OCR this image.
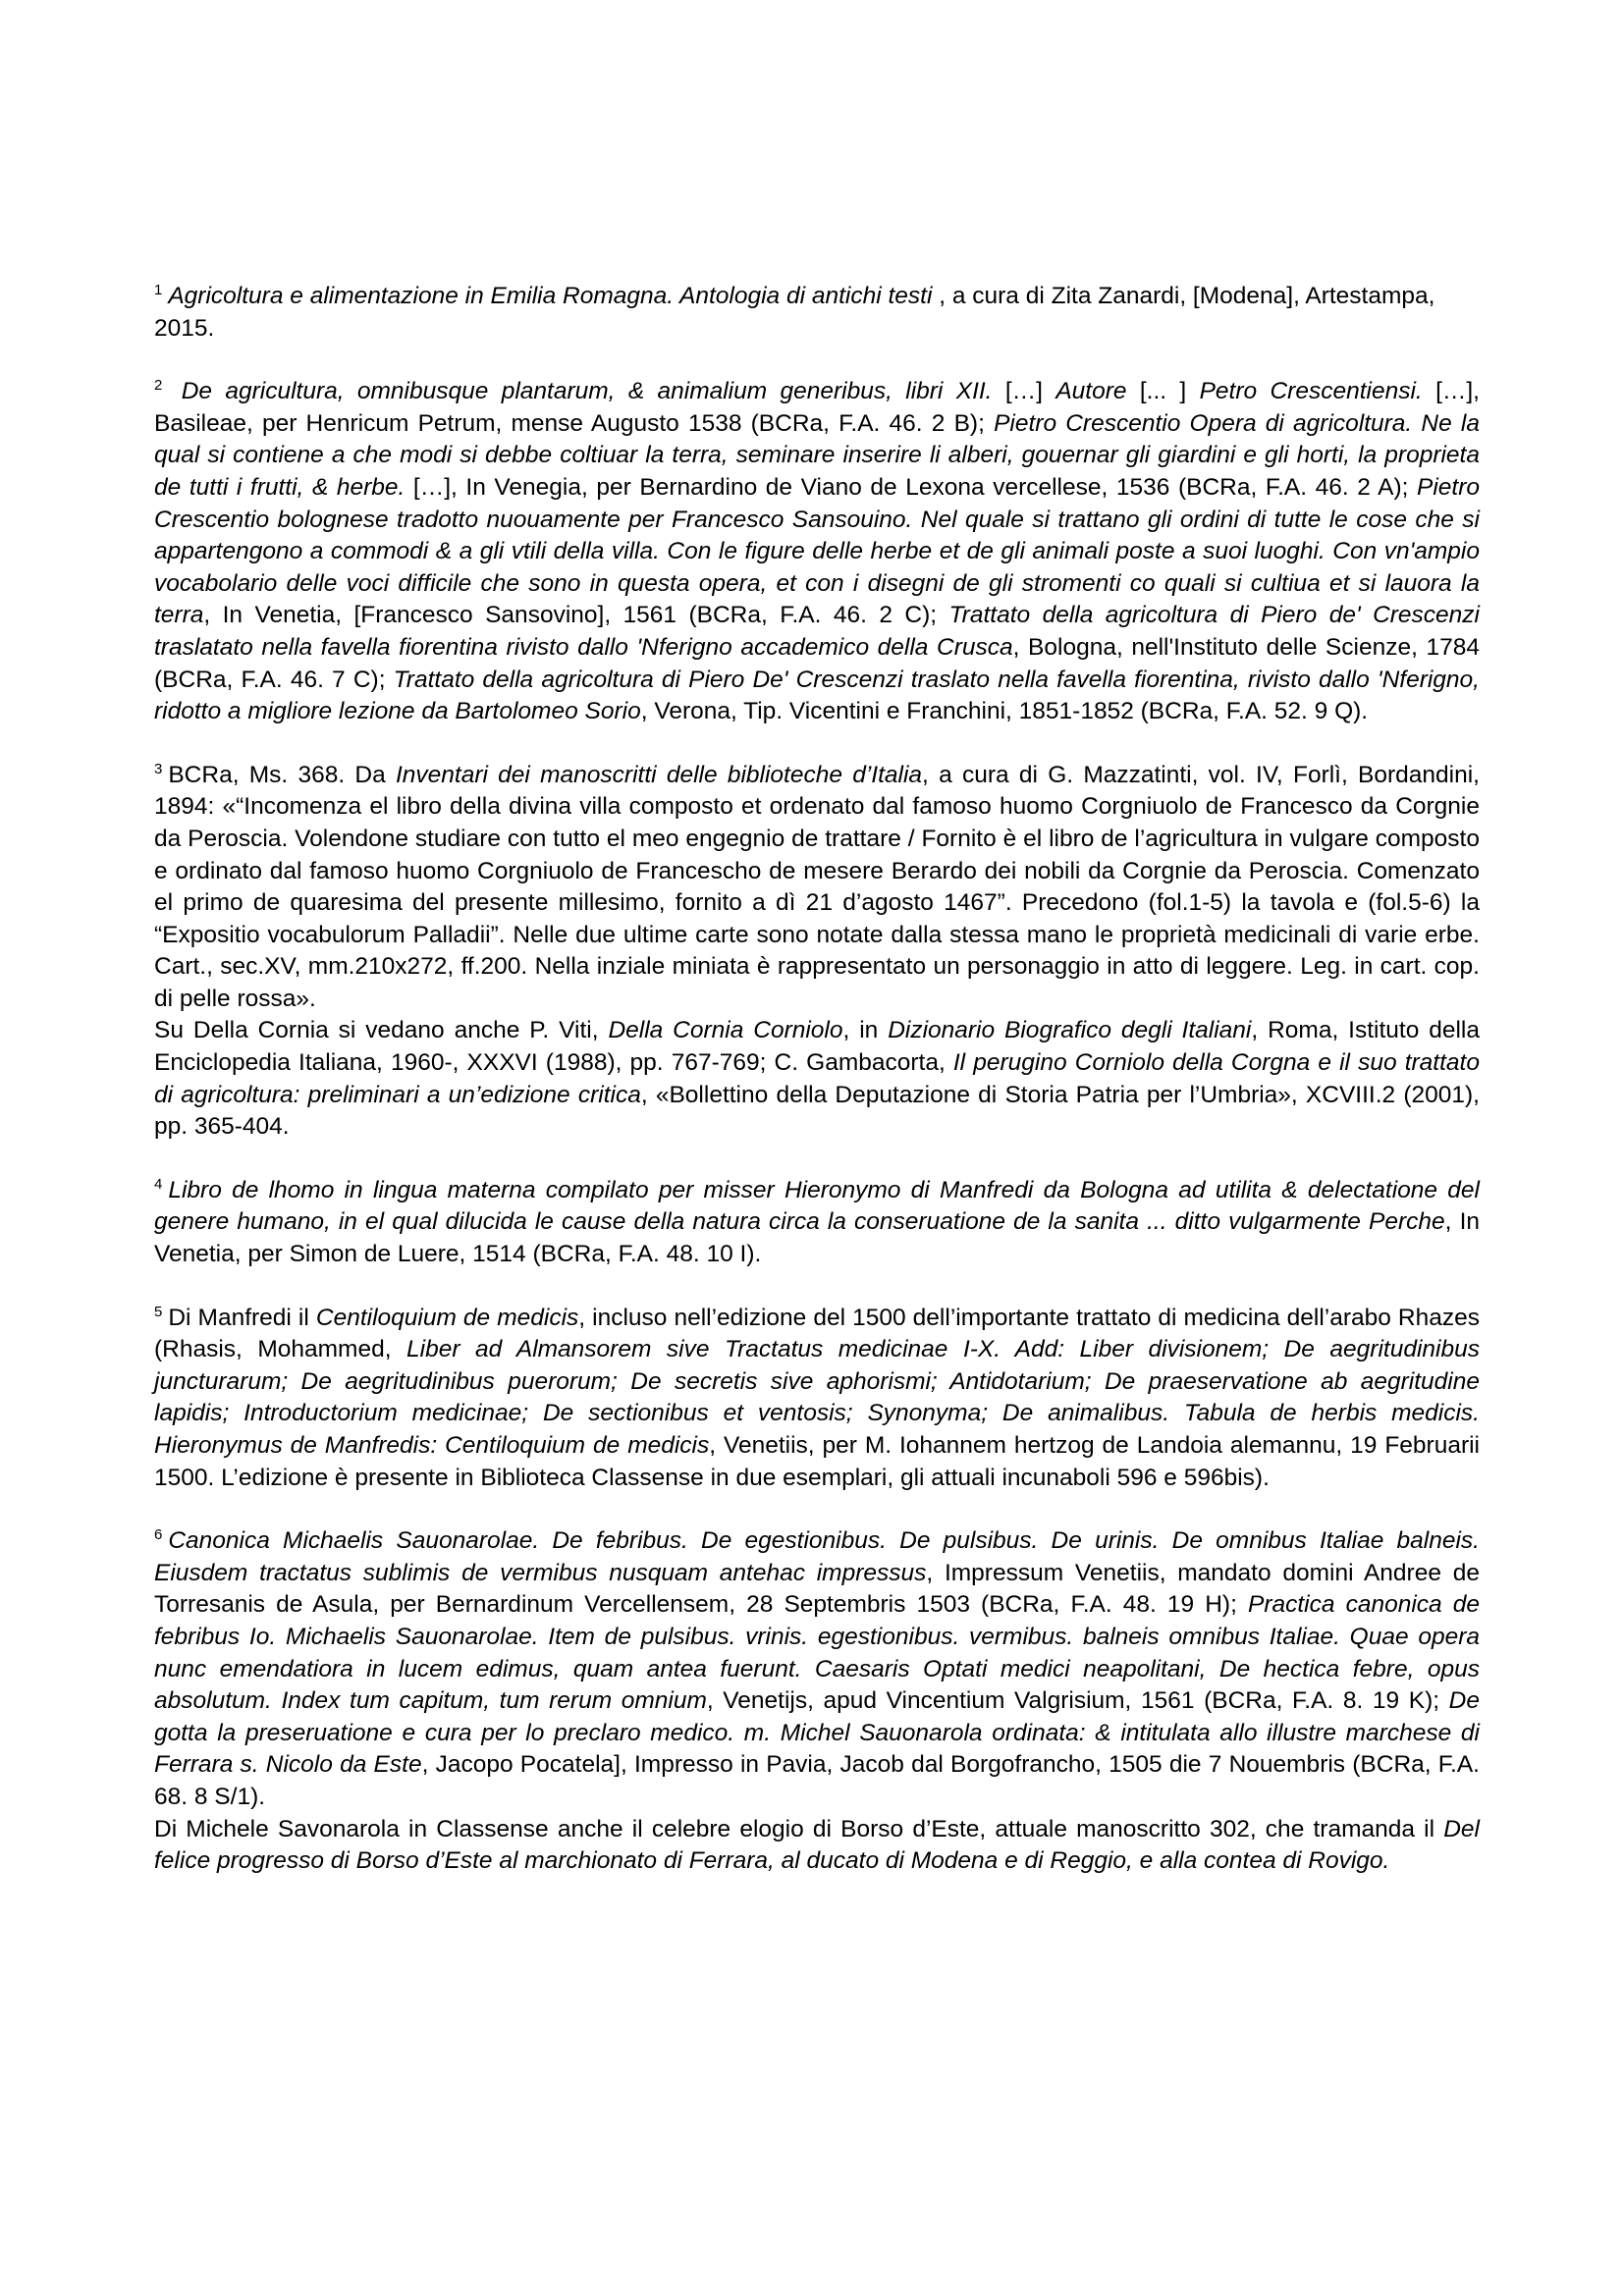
$^1$ Agricoltura e alimentazione in Emilia Romagna. Antologia di antichi testi , a cura di Zita Zanardi, [Modena], Artestampa, 2015.

$^2$ De agricultura, omnibusque plantarum, & animalium generibus, libri XII. […] Autore [... ] Petro Crescentiensi. […], Basileae, per Henricum Petrum, mense Augusto 1538 (BCRa, F.A. 46. 2 B); Pietro Crescentio Opera di agricoltura. Ne la qual si contiene a che modi si debbe coltiuar la terra, seminare inserire li alberi, gouernar gli giardini e gli horti, la proprieta de tutti i frutti, & herbe. […], In Venegia, per Bernardino de Viano de Lexona vercellese, 1536 (BCRa, F.A. 46. 2 A); Pietro Crescentio bolognese tradotto nuouamente per Francesco Sansouino. Nel quale si trattano gli ordini di tutte le cose che si appartengono a commodi & a gli vtili della villa. Con le figure delle herbe et de gli animali poste a suoi luoghi. Con vn'ampio vocabolario delle voci difficile che sono in questa opera, et con i disegni de gli stromenti co quali si cultiua et si lauora la terra, In Venetia, [Francesco Sansovino], 1561 (BCRa, F.A. 46. 2 C); Trattato della agricoltura di Piero de' Crescenzi traslatato nella favella fiorentina rivisto dallo 'Nferigno accademico della Crusca, Bologna, nell'Instituto delle Scienze, 1784 (BCRa, F.A. 46. 7 C); Trattato della agricoltura di Piero De' Crescenzi traslato nella favella fiorentina, rivisto dallo 'Nferigno, ridotto a migliore lezione da Bartolomeo Sorio, Verona, Tip. Vicentini e Franchini, 1851-1852 (BCRa, F.A. 52. 9 Q).

$^3$ BCRa, Ms. 368. Da Inventari dei manoscritti delle biblioteche d’Italia, a cura di G. Mazzatinti, vol. IV, Forlì, Bordandini, 1894: «“Incomenza el libro della divina villa composto et ordenato dal famoso huomo Corgniuolo de Francesco da Corgnie da Peroscia. Volendone studiare con tutto el meo engegnio de trattare / Fornito è el libro de l’agricultura in vulgare composto e ordinato dal famoso huomo Corgniuolo de Francescho de mesere Berardo dei nobili da Corgnie da Peroscia. Comenzato el primo de quaresima del presente millesimo, fornito a dì 21 d’agosto 1467”. Precedono (fol.1-5) la tavola e (fol.5-6) la “Expositio vocabulorum Palladii”. Nelle due ultime carte sono notate dalla stessa mano le proprietà medicinali di varie erbe. Cart., sec.XV, mm.210x272, ff.200. Nella inziale miniata è rappresentato un personaggio in atto di leggere. Leg. in cart. cop. di pelle rossa».

Su Della Cornia si vedano anche P. Viti, Della Cornia Corniolo, in Dizionario Biografico degli Italiani, Roma, Istituto della Enciclopedia Italiana, 1960-, XXXVI (1988), pp. 767-769; C. Gambacorta, Il perugino Corniolo della Corgna e il suo trattato di agricoltura: preliminari a un’edizione critica, «Bollettino della Deputazione di Storia Patria per l’Umbria», XCVIII.2 (2001), pp. 365-404.

$^4$ Libro de lhomo in lingua materna compilato per misser Hieronymo di Manfredi da Bologna ad utilita & delectatione del genere humano, in el qual dilucida le cause della natura circa la conseruatione de la sanita ... ditto vulgarmente Perche, In Venetia, per Simon de Luere, 1514 (BCRa, F.A. 48. 10 I).

$^5$ Di Manfredi il Centiloquium de medicis, incluso nell’edizione del 1500 dell’importante trattato di medicina dell’arabo Rhazes (Rhasis, Mohammed, Liber ad Almansorem sive Tractatus medicinae I-X. Add: Liber divisionem; De aegritudinibus juncturarum; De aegritudinibus puerorum; De secretis sive aphorismi; Antidotarium; De praeservatione ab aegritudine lapidis; Introductorium medicinae; De sectionibus et ventosis; Synonyma; De animalibus. Tabula de herbis medicis. Hieronymus de Manfredis: Centiloquium de medicis, Venetiis, per M. Iohannem hertzog de Landoia alemannu, 19 Februarii 1500. L’edizione è presente in Biblioteca Classense in due esemplari, gli attuali incunaboli 596 e 596bis).

$^6$ Canonica Michaelis Sauonarolae. De febribus. De egestionibus. De pulsibus. De urinis. De omnibus Italiae balneis. Eiusdem tractatus sublimis de vermibus nusquam antehac impressus, Impressum Venetiis, mandato domini Andree de Torresanis de Asula, per Bernardinum Vercellensem, 28 Septembris 1503 (BCRa, F.A. 48. 19 H); Practica canonica de febribus Io. Michaelis Sauonarolae. Item de pulsibus. vrinis. egestionibus. vermibus. balneis omnibus Italiae. Quae opera nunc emendatiora in lucem edimus, quam antea fuerunt. Caesaris Optati medici neapolitani, De hectica febre, opus absolutum. Index tum capitum, tum rerum omnium, Venetijs, apud Vincentium Valgrisium, 1561 (BCRa, F.A. 8. 19 K); De gotta la preseruatione e cura per lo preclaro medico. m. Michel Sauonarola ordinata: & intitulata allo illustre marchese di Ferrara s. Nicolo da Este, Jacopo Pocatela], Impresso in Pavia, Jacob dal Borgofrancho, 1505 die 7 Nouembris (BCRa, F.A. 68. 8 S/1).

Di Michele Savonarola in Classense anche il celebre elogio di Borso d’Este, attuale manoscritto 302, che tramanda il Del felice progresso di Borso d’Este al marchionato di Ferrara, al ducato di Modena e di Reggio, e alla contea di Rovigo.
